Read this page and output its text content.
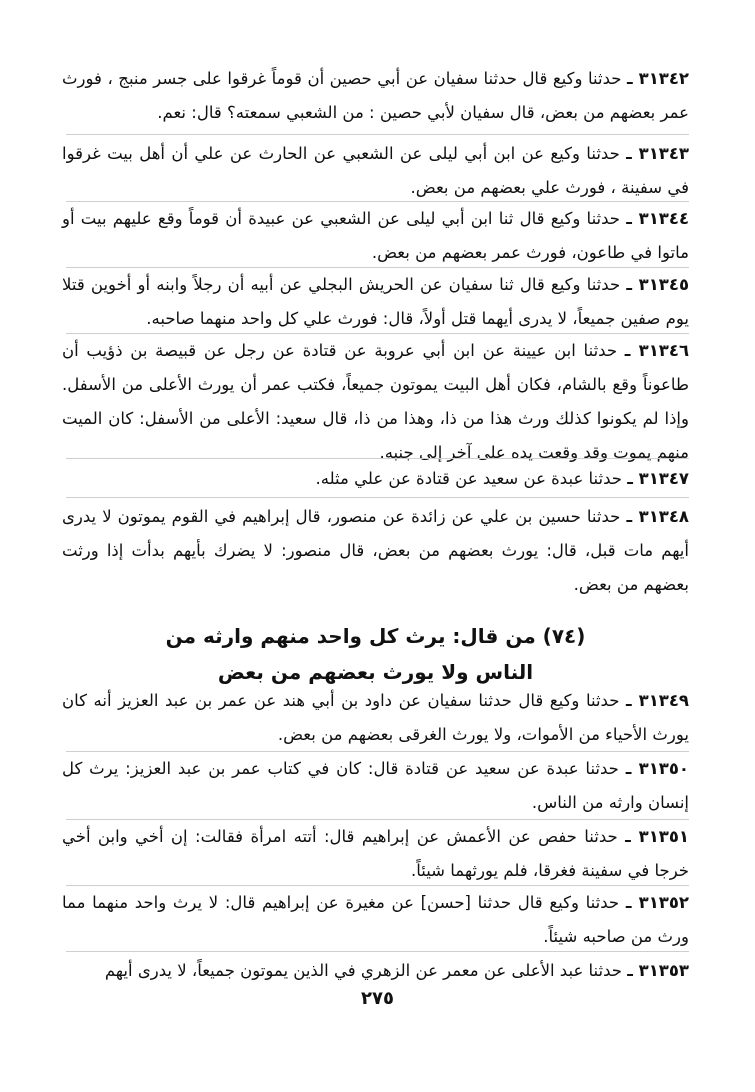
٣١٣٤٢ ـ حدثنا وكيع قال حدثنا سفيان عن أبي حصين أن قوماً غرقوا على جسر منبج ، فورث عمر بعضهم من بعض، قال سفيان لأبي حصين : من الشعبي سمعته؟ قال: نعم.
٣١٣٤٣ ـ حدثنا وكيع عن ابن أبي ليلى عن الشعبي عن الحارث عن علي أن أهل بيت غرقوا في سفينة ، فورث علي بعضهم من بعض.
٣١٣٤٤ ـ حدثنا وكيع قال ثنا ابن أبي ليلى عن الشعبي عن عبيدة أن قوماً وقع عليهم بيت أو ماتوا في طاعون، فورث عمر بعضهم من بعض.
٣١٣٤٥ ـ حدثنا وكيع قال ثنا سفيان عن الحريش البجلي عن أبيه أن رجلاً وابنه أو أخوين قتلا يوم صفين جميعاً، لا يدرى أيهما قتل أولاً، قال: فورث علي كل واحد منهما صاحبه.
٣١٣٤٦ ـ حدثنا ابن عيينة عن ابن أبي عروبة عن قتادة عن رجل عن قبيصة بن ذؤيب أن طاعوناً وقع بالشام، فكان أهل البيت يموتون جميعاً، فكتب عمر أن يورث الأعلى من الأسفل. وإذا لم يكونوا كذلك ورث هذا من ذا، وهذا من ذا، قال سعيد: الأعلى من الأسفل: كان الميت منهم يموت وقد وقعت يده على آخر إلى جنبه.
٣١٣٤٧ ـ حدثنا عبدة عن سعيد عن قتادة عن علي مثله.
٣١٣٤٨ ـ حدثنا حسين بن علي عن زائدة عن منصور، قال إبراهيم في القوم يموتون لا يدرى أيهم مات قبل، قال: يورث بعضهم من بعض، قال منصور: لا يضرك بأيهم بدأت إذا ورثت بعضهم من بعض.
(٧٤) من قال: يرث كل واحد منهم وارثه من
الناس ولا يورث بعضهم من بعض
٣١٣٤٩ ـ حدثنا وكيع قال حدثنا سفيان عن داود بن أبي هند عن عمر بن عبد العزيز أنه كان يورث الأحياء من الأموات، ولا يورث الغرقى بعضهم من بعض.
٣١٣٥٠ ـ حدثنا عبدة عن سعيد عن قتادة قال: كان في كتاب عمر بن عبد العزيز: يرث كل إنسان وارثه من الناس.
٣١٣٥١ ـ حدثنا حفص عن الأعمش عن إبراهيم قال: أتته امرأة فقالت: إن أخي وابن أخي خرجا في سفينة فغرقا، فلم يورثهما شيئاً.
٣١٣٥٢ ـ حدثنا وكيع قال حدثنا [حسن] عن مغيرة عن إبراهيم قال: لا يرث واحد منهما مما ورث من صاحبه شيئاً.
٣١٣٥٣ ـ حدثنا عبد الأعلى عن معمر عن الزهري في الذين يموتون جميعاً، لا يدرى أيهم
٢٧٥
